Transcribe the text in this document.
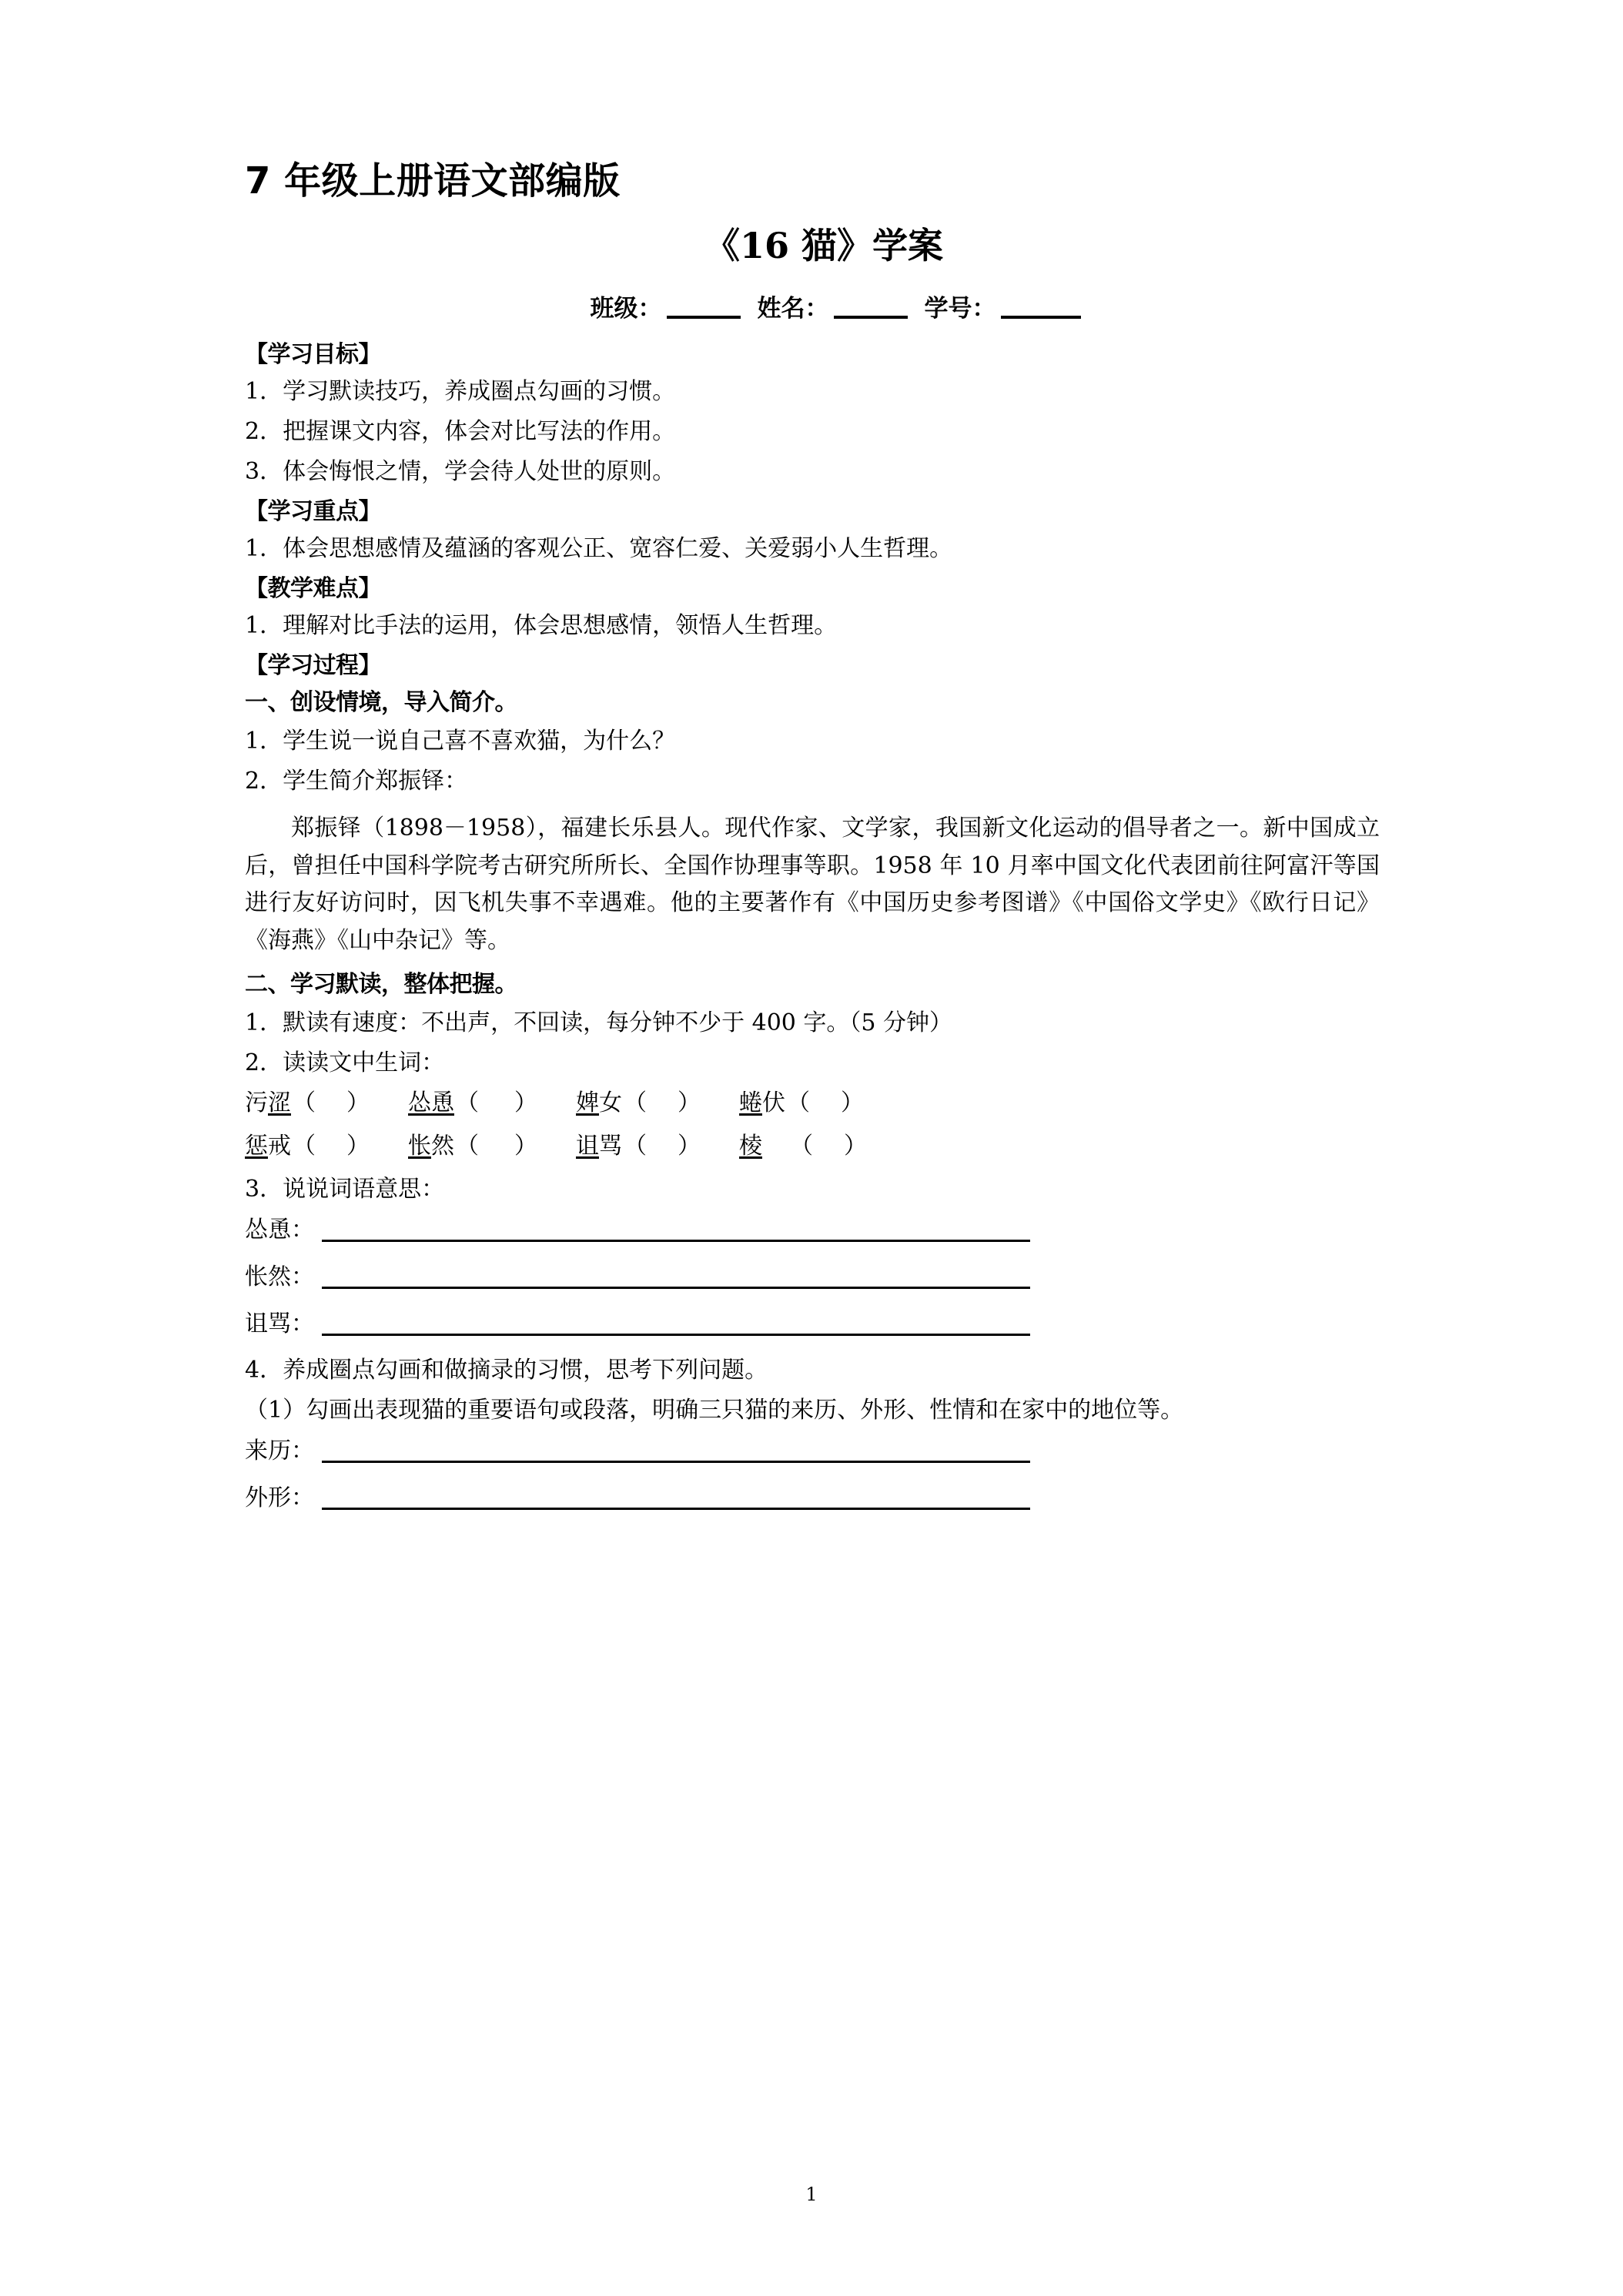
7 年级上册语文部编版
《16 猫》学案
班级：	姓名：	学号：
【学习目标】
1．学习默读技巧，养成圈点勾画的习惯。
2．把握课文内容，体会对比写法的作用。
3．体会悔恨之情，学会待人处世的原则。
【学习重点】
1．体会思想感情及蕴涵的客观公正、宽容仁爱、关爱弱小人生哲理。
【教学难点】
1．理解对比手法的运用，体会思想感情，领悟人生哲理。
【学习过程】
一、创设情境，导入简介。
1．学生说一说自己喜不喜欢猫，为什么？
2．学生简介郑振铎：
郑振铎（1898－1958），福建长乐县人。现代作家、文学家，我国新文化运动的倡导者之一。新中国成立后，曾担任中国科学院考古研究所所长、全国作协理事等职。1958 年 10 月率中国文化代表团前往阿富汗等国进行友好访问时，因飞机失事不幸遇难。他的主要著作有《中国历史参考图谱》《中国俗文学史》《欧行日记》《海燕》《山中杂记》等。
二、学习默读，整体把握。
1．默读有速度：不出声，不回读，每分钟不少于 400 字。（5 分钟）
2．读读文中生词：
污涩（ ） 怂恿（ ） 婢女（ ） 蜷伏（ ）
惩戒（ ） 怅然（ ） 诅骂（ ） 棱 （ ）
3．说说词语意思：
怂恿：
怅然：
诅骂：
4．养成圈点勾画和做摘录的习惯，思考下列问题。
（1）勾画出表现猫的重要语句或段落，明确三只猫的来历、外形、性情和在家中的地位等。
来历：
外形：
1
